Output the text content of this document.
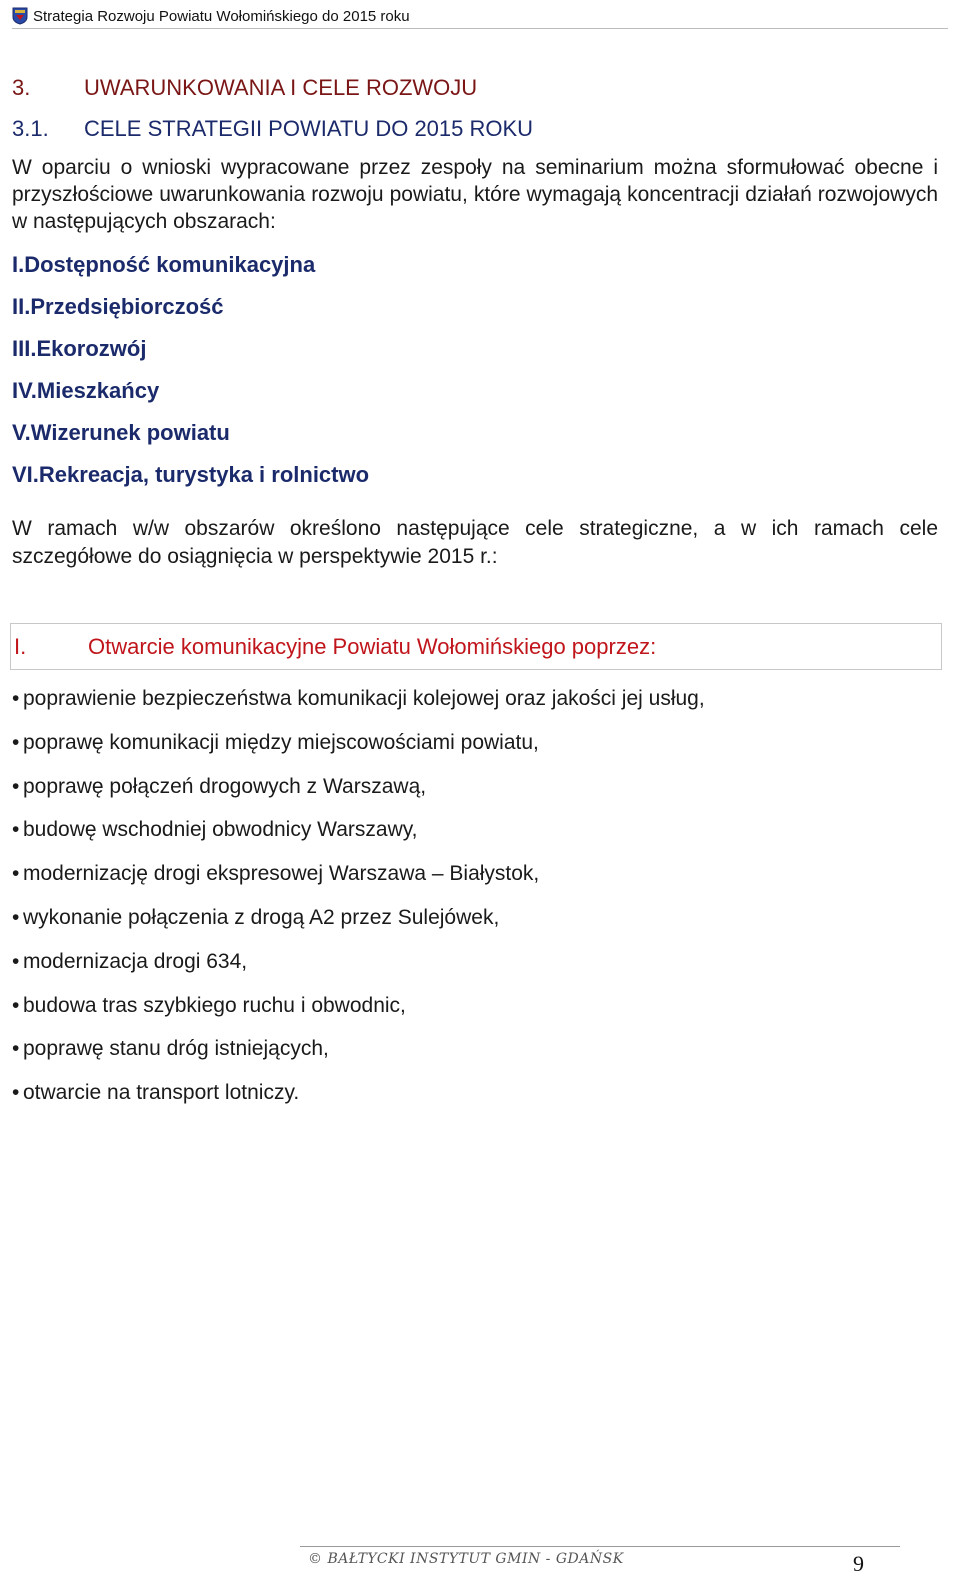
Strategia Rozwoju Powiatu Wołomińskiego do 2015 roku
3. UWARUNKOWANIA I CELE ROZWOJU
3.1. CELE STRATEGII POWIATU DO 2015 ROKU
W oparciu o wnioski wypracowane przez zespoły na seminarium można sformułować obecne i przyszłościowe uwarunkowania rozwoju powiatu, które wymagają koncentracji działań rozwojowych w następujących obszarach:
I.Dostępność komunikacyjna
II.Przedsiębiorczość
III.Ekorozwój
IV.Mieszkańcy
V.Wizerunek powiatu
VI.Rekreacja, turystyka i rolnictwo
W ramach w/w obszarów określono następujące cele strategiczne, a w ich ramach cele szczegółowe do osiągnięcia w perspektywie 2015 r.:
I.	Otwarcie komunikacyjne Powiatu Wołomińskiego poprzez:
• poprawienie bezpieczeństwa komunikacji kolejowej oraz jakości jej usług,
• poprawę komunikacji między miejscowościami powiatu,
• poprawę połączeń drogowych z Warszawą,
• budowę wschodniej obwodnicy Warszawy,
• modernizację drogi ekspresowej Warszawa – Białystok,
• wykonanie połączenia z drogą A2 przez Sulejówek,
• modernizacja drogi 634,
• budowa tras szybkiego ruchu i obwodnic,
• poprawę stanu dróg istniejących,
• otwarcie na transport lotniczy.
© BAŁTYCKI INSTYTUT GMIN - GDAŃSK	9
